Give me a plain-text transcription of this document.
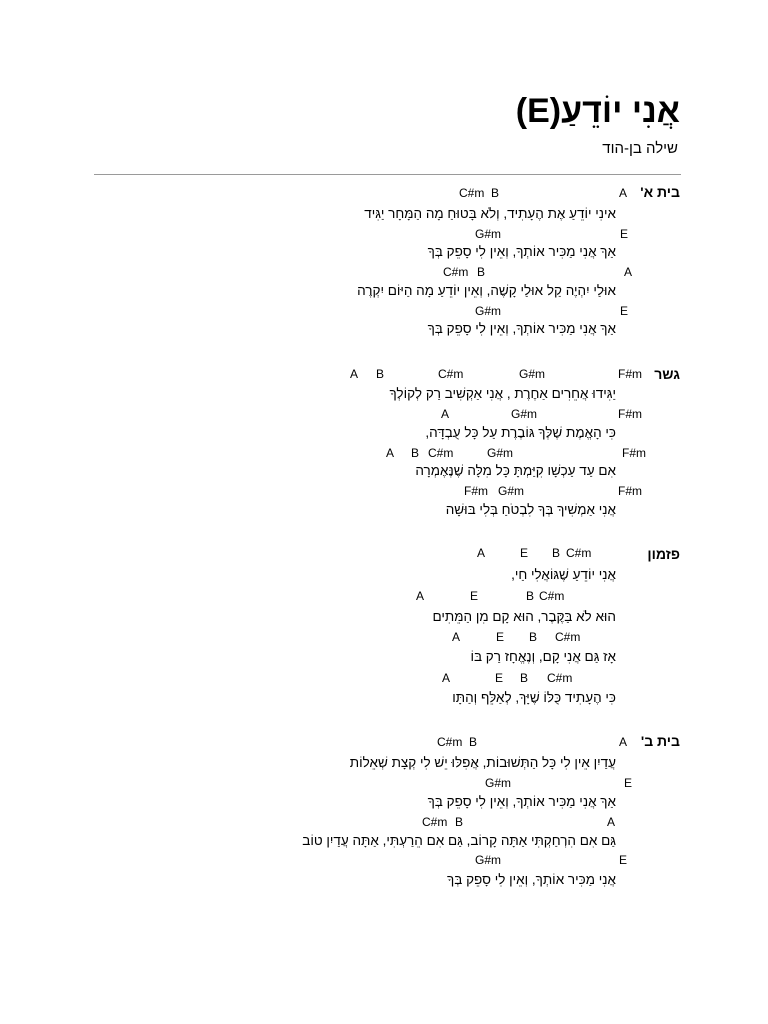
אֲנִי יוֹדֵעַ(E)
שילה בן-הוד
בית א'
C#m B	A
אינִי יוֹדֵעַ אֶת הֶעָתִיד, וְלֹא בָּטוּחַ מָה הַמָּחָר יַגִּיד
G#m	E
אַךְ אֲנִי מַכִּיר אוֹתְךָ, וְאֵין לִי סָפֵק בְּךָ
C#m B	A
אוּלַי יִהְיֶה קַל אוּלַי קָשֶׁה, וְאֵין יוֹדֵעַ מָה הַיּוֹם יִקְרֶה
G#m	E
אַךְ אֲנִי מַכִּיר אוֹתְךָ, וְאֵין לִי סָפֵק בְּךָ
גשר
A B	C#m	G#m	F#m
יַגִּידוּ אֲחֵרִים אַחֶרֶת , אֲנִי אַקְשִׁיב רַק לְקוֹלְךָ
A	G#m	F#m
כִּי הָאֱמֶת שֶׁלְּךָ גּוֹבֶרֶת עַל כָּל עֻבְדָּה,
A B C#m	G#m	F#m
אִם עַד עַכְשָׁו קִיַּמְתָּ כָּל מִלָּה שֶׁנֶּאֶמְרָה
F#m G#m	F#m
אֲנִי אַמְשִׁיךְ בְּךָ לִבְטֹחַ בְּלִי בּוּשָׁה
פזמון
A	E B C#m
אֲנִי יוֹדֵעַ שֶׁגּוֹאֲלִי חַי,
A	E	B C#m
הוּא לֹא בַּקֶּבֶר, הוּא קָם מִן הַמֵּתִים
A	E B C#m
אָז גַּם אֲנִי קָם, וְנֶאֱחָז רַק בּוֹ
A	E B C#m
כִּי הֶעָתִיד כֻּלּוֹ שֶׁיָּךְ, לְאַלֵּף וְהַתָּו
בית ב'
C#m B	A
עֲדַיִן אֵין לִי כָּל הַתְּשׁוּבוֹת, אֲפִלּוּ יֵשׁ לִי קְצָת שְׁאֵלוֹת
G#m	E
אַךְ אֲנִי מַכִּיר אוֹתְךָ, וְאֵין לִי סָפֵק בְּךָ
C#m B	A
גַּם אִם הִרְחַקְתִּי אַתָּה קָרוֹב, גַּם אִם הֵרַעְתִּי, אַתָּה עֲדַיִן טוֹב
G#m	E
אֲנִי מַכִּיר אוֹתְךָ, וְאֵין לִי סָפֵק בְּךָ
